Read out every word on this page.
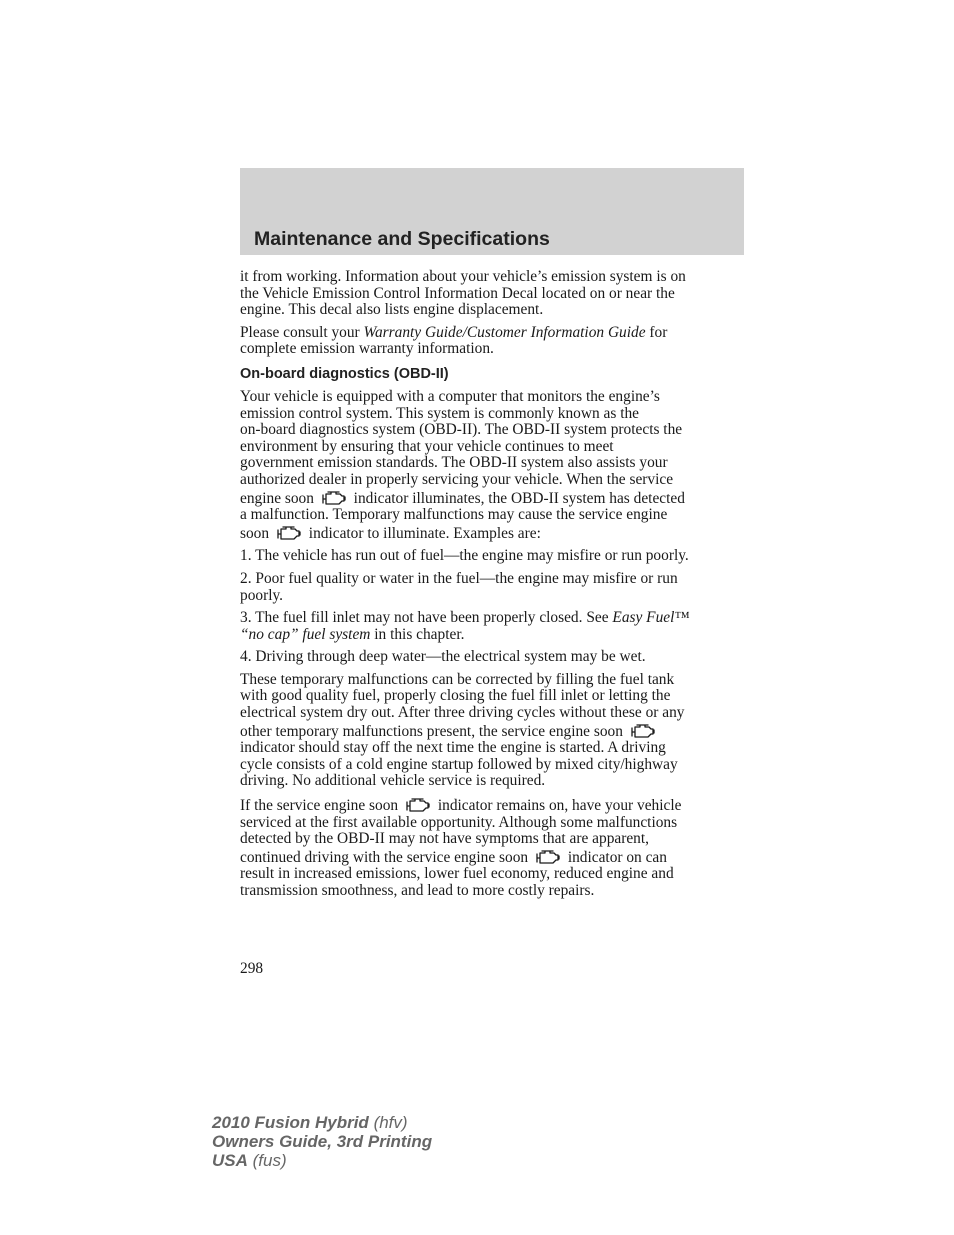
Maintenance and Specifications

it from working. Information about your vehicle’s emission system is on
the Vehicle Emission Control Information Decal located on or near the
engine. This decal also lists engine displacement.

Please consult your Warranty Guide/Customer Information Guide for
complete emission warranty information.

On-board diagnostics (OBD-II)

Your vehicle is equipped with a computer that monitors the engine’s
emission control system. This system is commonly known as the
on-board diagnostics system (OBD-II). The OBD-II system protects the
environment by ensuring that your vehicle continues to meet
government emission standards. The OBD-II system also assists your
authorized dealer in properly servicing your vehicle. When the service
engine soon	indicator illuminates, the OBD-II system has detected
a malfunction. Temporary malfunctions may cause the service engine
soon	indicator to illuminate. Examples are:

1. The vehicle has run out of fuel—the engine may misfire or run poorly.

2. Poor fuel quality or water in the fuel—the engine may misfire or run
poorly.

3. The fuel fill inlet may not have been properly closed. See Easy Fuel™
“no cap” fuel system in this chapter.

4. Driving through deep water—the electrical system may be wet.

These temporary malfunctions can be corrected by filling the fuel tank
with good quality fuel, properly closing the fuel fill inlet or letting the
electrical system dry out. After three driving cycles without these or any
other temporary malfunctions present, the service engine soon
indicator should stay off the next time the engine is started. A driving
cycle consists of a cold engine startup followed by mixed city/highway
driving. No additional vehicle service is required.

If the service engine soon	indicator remains on, have your vehicle
serviced at the first available opportunity. Although some malfunctions
detected by the OBD-II may not have symptoms that are apparent,
continued driving with the service engine soon	indicator on can
result in increased emissions, lower fuel economy, reduced engine and
transmission smoothness, and lead to more costly repairs.

298

2010 Fusion Hybrid (hfv)
Owners Guide, 3rd Printing
USA (fus)
